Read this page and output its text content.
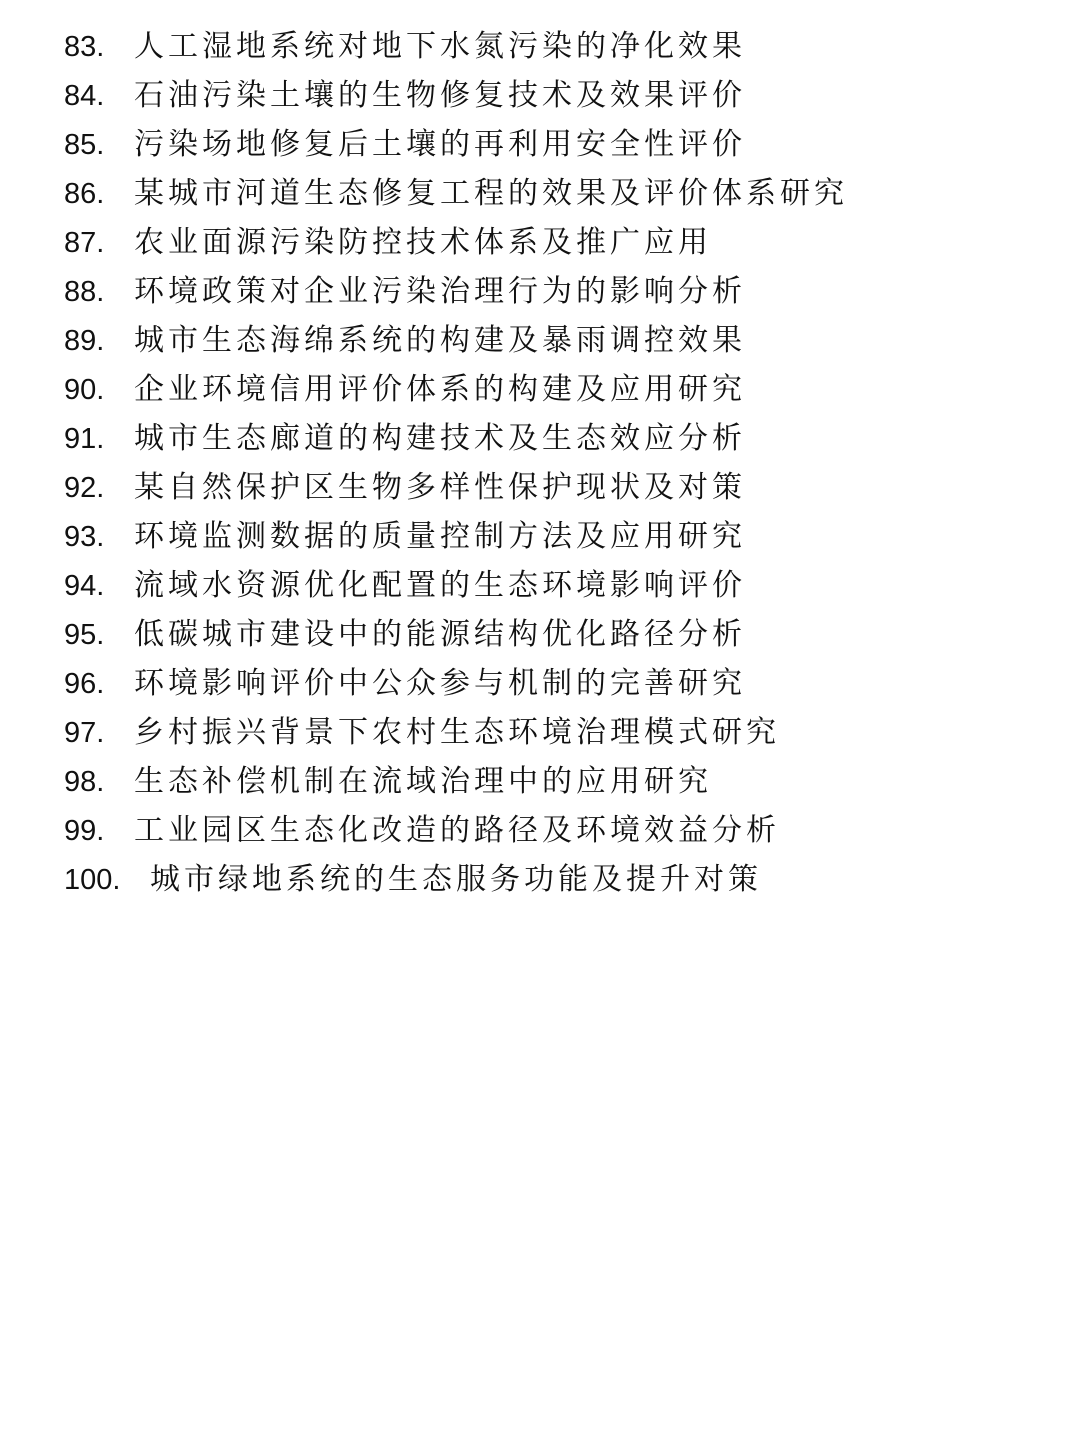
83. 人工湿地系统对地下水氮污染的净化效果
84. 石油污染土壤的生物修复技术及效果评价
85. 污染场地修复后土壤的再利用安全性评价
86. 某城市河道生态修复工程的效果及评价体系研究
87. 农业面源污染防控技术体系及推广应用
88. 环境政策对企业污染治理行为的影响分析
89. 城市生态海绵系统的构建及暴雨调控效果
90. 企业环境信用评价体系的构建及应用研究
91. 城市生态廊道的构建技术及生态效应分析
92. 某自然保护区生物多样性保护现状及对策
93. 环境监测数据的质量控制方法及应用研究
94. 流域水资源优化配置的生态环境影响评价
95. 低碳城市建设中的能源结构优化路径分析
96. 环境影响评价中公众参与机制的完善研究
97. 乡村振兴背景下农村生态环境治理模式研究
98. 生态补偿机制在流域治理中的应用研究
99. 工业园区生态化改造的路径及环境效益分析
100. 城市绿地系统的生态服务功能及提升对策
